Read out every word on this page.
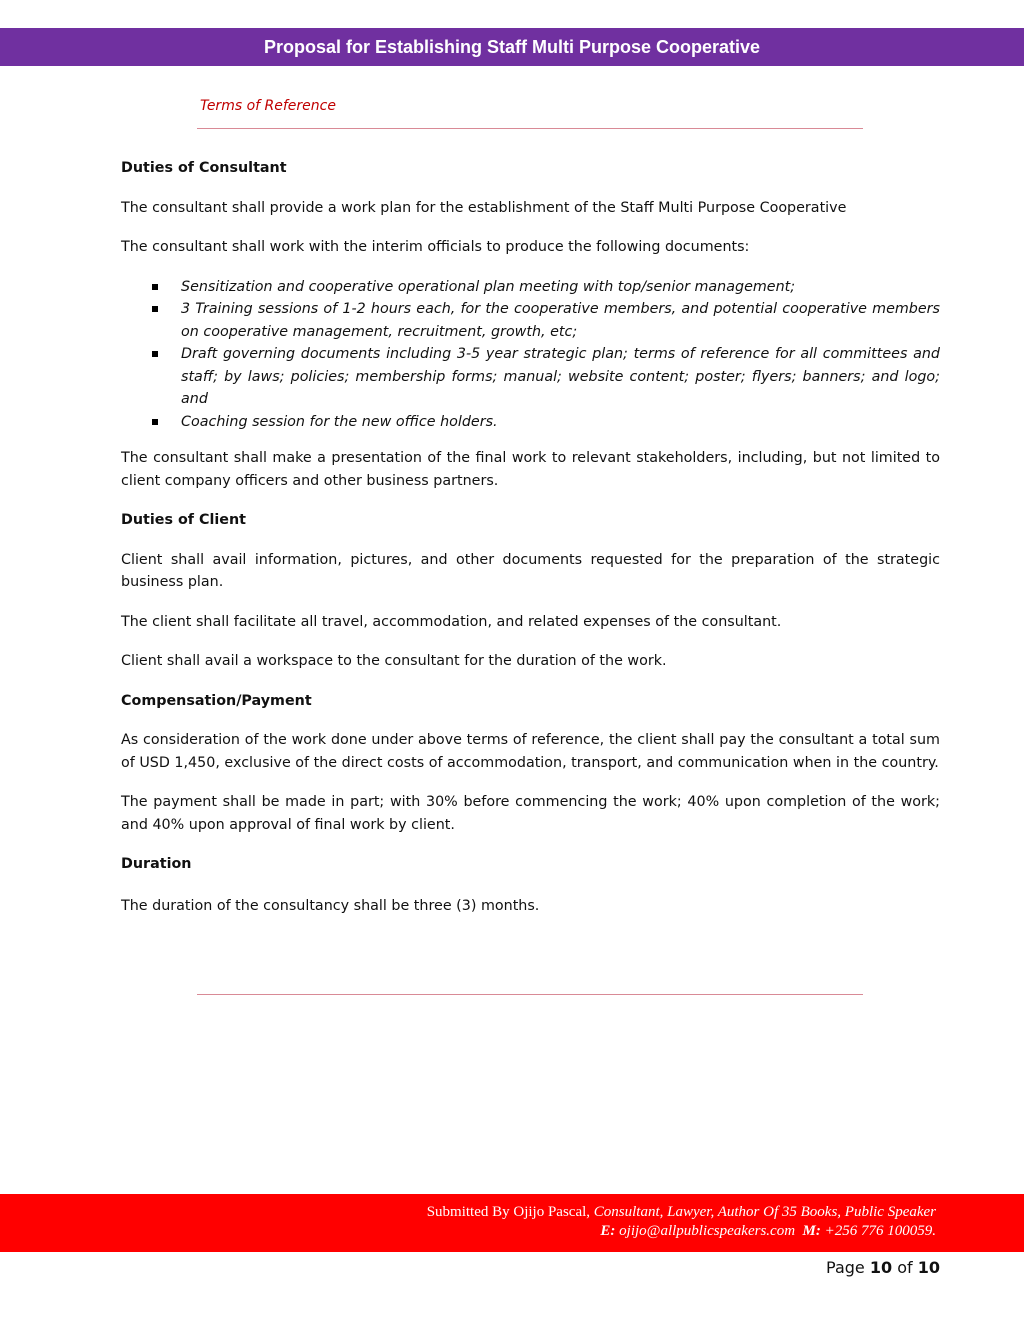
Proposal for Establishing Staff Multi Purpose Cooperative
Terms of Reference

Duties of Consultant

The consultant shall provide a work plan for the establishment of the Staff Multi Purpose Cooperative

The consultant shall work with the interim officials to produce the following documents:

Sensitization and cooperative operational plan meeting with top/senior management;
3 Training sessions of 1-2 hours each, for the cooperative members, and potential cooperative members on cooperative management, recruitment, growth, etc;
Draft governing documents including 3-5 year strategic plan; terms of reference for all committees and staff; by laws; policies; membership forms; manual; website content; poster; flyers; banners; and logo; and
Coaching session for the new office holders.

The consultant shall make a presentation of the final work to relevant stakeholders, including, but not limited to client company officers and other business partners.

Duties of Client

Client shall avail information, pictures, and other documents requested for the preparation of the strategic business plan.

The client shall facilitate all travel, accommodation, and related expenses of the consultant.

Client shall avail a workspace to the consultant for the duration of the work.

Compensation/Payment

As consideration of the work done under above terms of reference, the client shall pay the consultant a total sum of USD 1,450, exclusive of the direct costs of accommodation, transport, and communication when in the country.

The payment shall be made in part; with 30% before commencing the work; 40% upon completion of the work; and 40% upon approval of final work by client.

Duration

The duration of the consultancy shall be three (3) months.

Submitted By Ojijo Pascal, Consultant, Lawyer, Author Of 35 Books, Public Speaker
E: ojijo@allpublicspeakers.com M: +256 776 100059.
Page 10 of 10
